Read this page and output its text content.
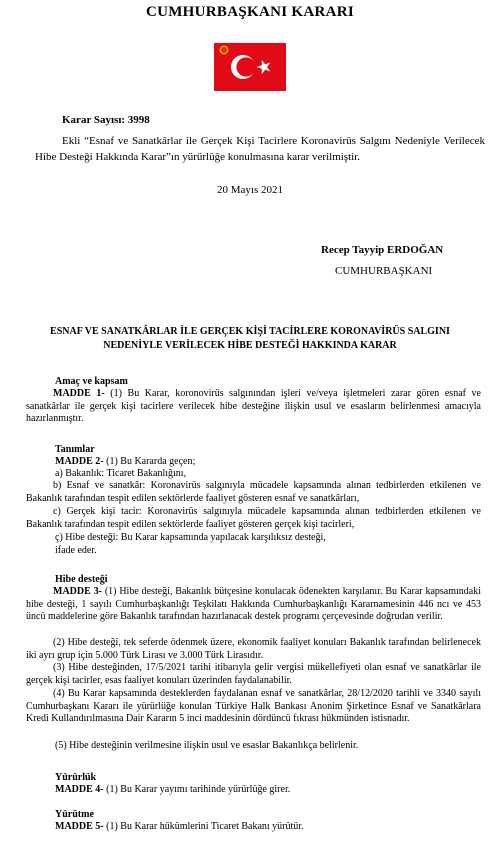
CUMHURBAŞKANI KARARI
Karar Sayısı: 3998

Ekli “Esnaf ve Sanatkârlar ile Gerçek Kişi Tacirlere Koronavirüs Salgını Nedeniyle Verilecek Hibe Desteği Hakkında Karar”ın yürürlüğe konulmasına karar verilmiştir.

20 Mayıs 2021
Recep Tayyip ERDOĞAN
CUMHURBAŞKANI
ESNAF VE SANATKÂRLAR İLE GERÇEK KİŞİ TACİRLERE KORONAVİRÜS SALGINI
NEDENİYLE VERİLECEK HİBE DESTEĞİ HAKKINDA KARAR
Amaç ve kapsam

MADDE 1- (1) Bu Karar, koronovirüs salgınından işleri ve/veya işletmeleri zarar gören esnaf ve sanatkârlar ile gerçek kişi tacirlere verilecek hibe desteğine ilişkin usul ve esasların belirlenmesi amacıyla hazırlanmıştır.

Tanımlar

MADDE 2- (1) Bu Kararda geçen;

a) Bakanlık: Ticaret Bakanlığını,

b) Esnaf ve sanatkâr: Koronavirüs salgınıyla mücadele kapsamında alınan tedbirlerden etkilenen ve Bakanlık tarafından tespit edilen sektörlerde faaliyet gösteren esnaf ve sanatkârları,

c) Gerçek kişi tacir: Koronavirüs salgınıyla mücadele kapsamında alınan tedbirlerden etkilenen ve Bakanlık tarafından tespit edilen sektörlerde faaliyet gösteren gerçek kişi tacirleri,

ç) Hibe desteği: Bu Karar kapsamında yapılacak karşılıksız desteği,

ifade eder.

Hibe desteği

MADDE 3- (1) Hibe desteği, Bakanlık bütçesine konulacak ödenekten karşılanır. Bu Karar kapsamındaki hibe desteği, 1 sayılı Cumhurbaşkanlığı Teşkilatı Hakkında Cumhurbaşkanlığı Kararnamesinin 446 ncı ve 453 üncü maddelerine göre Bakanlık tarafından hazırlanacak destek programı çerçevesinde doğrudan verilir.

(2) Hibe desteği, tek seferde ödenmek üzere, ekonomik faaliyet konuları Bakanlık tarafından belirlenecek iki ayrı grup için 5.000 Türk Lirası ve 3.000 Türk Lirasıdır.

(3) Hibe desteğinden, 17/5/2021 tarihi itibarıyla gelir vergisi mükellefiyeti olan esnaf ve sanatkârlar ile gerçek kişi tacirler, esas faaliyet konuları üzerinden faydalanabilir.

(4) Bu Karar kapsamında desteklerden faydalanan esnaf ve sanatkârlar, 28/12/2020 tarihli ve 3340 sayılı Cumhurbaşkanı Kararı ile yürürlüğe konulan Türkiye Halk Bankası Anonim Şirketince Esnaf ve Sanatkârlara Kredi Kullandırılmasına Dair Kararın 5 inci maddesinin dördüncü fıkrası hükmünden istisnadır.

(5) Hibe desteğinin verilmesine ilişkin usul ve esaslar Bakanlıkça belirlenir.

Yürürlük

MADDE 4- (1) Bu Karar yayımı tarihinde yürürlüğe girer.

Yürütme

MADDE 5- (1) Bu Karar hükümlerini Ticaret Bakanı yürütür.
